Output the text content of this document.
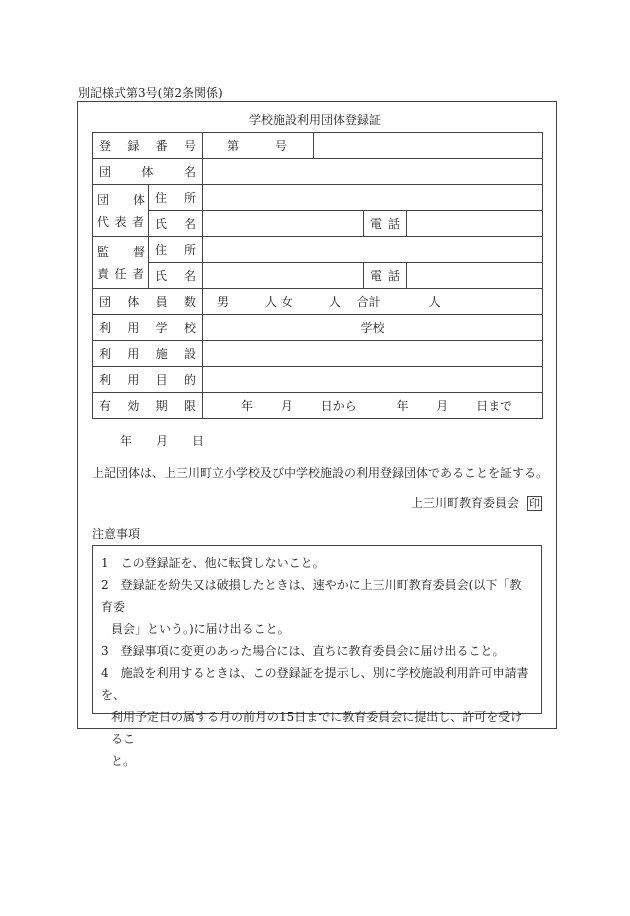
別記様式第3号(第2条関係)
学校施設利用団体登録証
登録番号		第　　　号			

団体名					

団　　体
代表者	住所				

	氏名			電話	

監　　督
責任者	住所				

	氏名			電話	

団体員数		男　　　人 女　　　人　 合計　　　　人			

利用学校		学校			

利用施設					

利用目的					

有効期限		年　　 月　　 日から　　　 年　　 月　　 日まで			
年　　月　　日
上記団体は、上三川町立小学校及び中学校施設の利用登録団体であることを証する。
上三川町教育委員会 印
注意事項
1　この登録証を、他に転貸しないこと。
2　登録証を紛失又は破損したときは、速やかに上三川町教育委員会(以下「教育委
員会」という。)に届け出ること。
3　登録事項に変更のあった場合には、直ちに教育委員会に届け出ること。
4　施設を利用するときは、この登録証を提示し、別に学校施設利用許可申請書を、
利用予定日の属する月の前月の15日までに教育委員会に提出し、許可を受けるこ
と。
